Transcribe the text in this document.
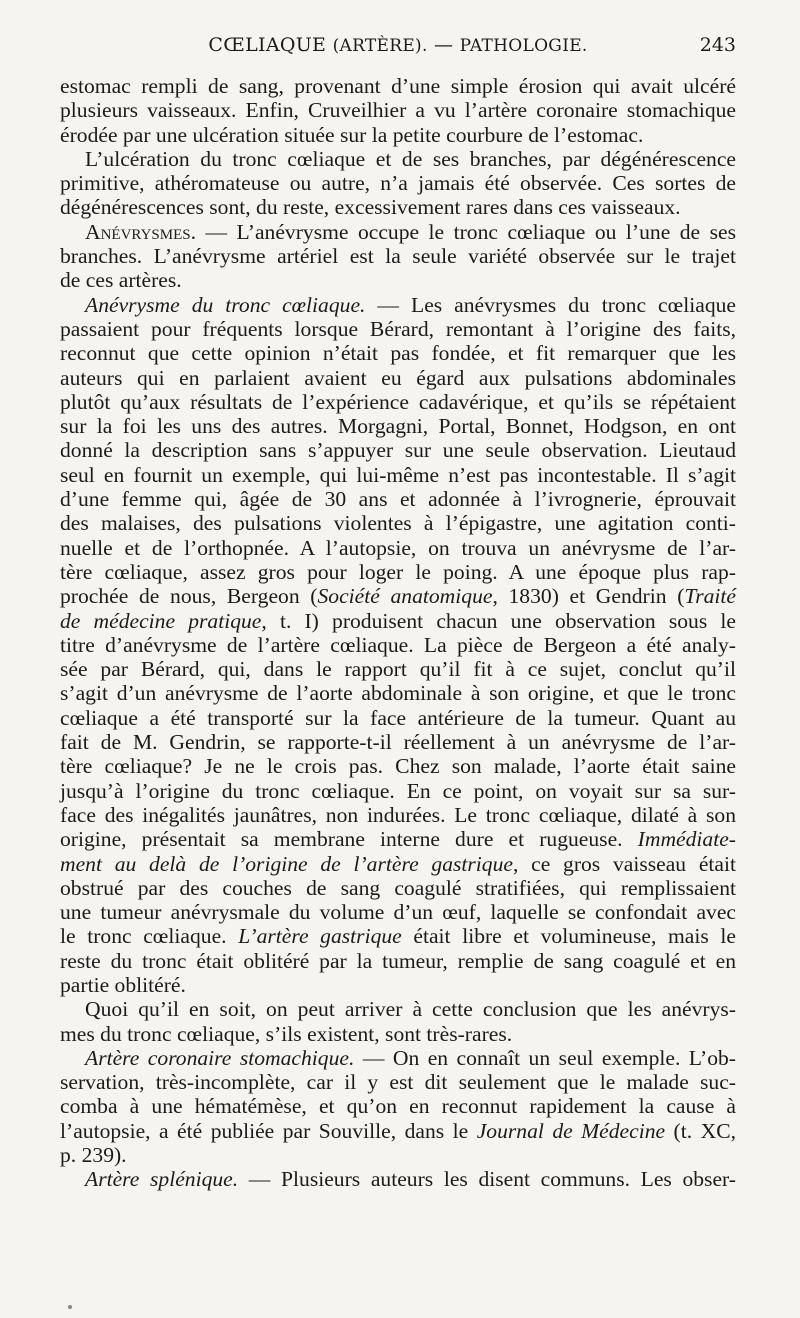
CŒLIAQUE (ARTÈRE). — PATHOLOGIE.	243

estomac rempli de sang, provenant d’une simple érosion qui avait ulcéré

plusieurs vaisseaux. Enfin, Cruveilhier a vu l’artère coronaire stomachique

érodée par une ulcération située sur la petite courbure de l’estomac.

L’ulcération du tronc cœliaque et de ses branches, par dégénérescence

primitive, athéromateuse ou autre, n’a jamais été observée. Ces sortes de

dégénérescences sont, du reste, excessivement rares dans ces vaisseaux.

Anévrysmes. — L’anévrysme occupe le tronc cœliaque ou l’une de ses

branches. L’anévrysme artériel est la seule variété observée sur le trajet

de ces artères.

Anévrysme du tronc cœliaque. — Les anévrysmes du tronc cœliaque

passaient pour fréquents lorsque Bérard, remontant à l’origine des faits,

reconnut que cette opinion n’était pas fondée, et fit remarquer que les

auteurs qui en parlaient avaient eu égard aux pulsations abdominales

plutôt qu’aux résultats de l’expérience cadavérique, et qu’ils se répétaient

sur la foi les uns des autres. Morgagni, Portal, Bonnet, Hodgson, en ont

donné la description sans s’appuyer sur une seule observation. Lieutaud

seul en fournit un exemple, qui lui-même n’est pas incontestable. Il s’agit

d’une femme qui, âgée de 30 ans et adonnée à l’ivrognerie, éprouvait

des malaises, des pulsations violentes à l’épigastre, une agitation conti-

nuelle et de l’orthopnée. A l’autopsie, on trouva un anévrysme de l’ar-

tère cœliaque, assez gros pour loger le poing. A une époque plus rap-

prochée de nous, Bergeon (Société anatomique, 1830) et Gendrin (Traité

de médecine pratique, t. I) produisent chacun une observation sous le

titre d’anévrysme de l’artère cœliaque. La pièce de Bergeon a été analy-

sée par Bérard, qui, dans le rapport qu’il fit à ce sujet, conclut qu’il

s’agit d’un anévrysme de l’aorte abdominale à son origine, et que le tronc

cœliaque a été transporté sur la face antérieure de la tumeur. Quant au

fait de M. Gendrin, se rapporte-t-il réellement à un anévrysme de l’ar-

tère cœliaque? Je ne le crois pas. Chez son malade, l’aorte était saine

jusqu’à l’origine du tronc cœliaque. En ce point, on voyait sur sa sur-

face des inégalités jaunâtres, non indurées. Le tronc cœliaque, dilaté à son

origine, présentait sa membrane interne dure et rugueuse. Immédiate-

ment au delà de l’origine de l’artère gastrique, ce gros vaisseau était

obstrué par des couches de sang coagulé stratifiées, qui remplissaient

une tumeur anévrysmale du volume d’un œuf, laquelle se confondait avec

le tronc cœliaque. L’artère gastrique était libre et volumineuse, mais le

reste du tronc était oblitéré par la tumeur, remplie de sang coagulé et en

partie oblitéré.

Quoi qu’il en soit, on peut arriver à cette conclusion que les anévrys-

mes du tronc cœliaque, s’ils existent, sont très-rares.

Artère coronaire stomachique. — On en connaît un seul exemple. L’ob-

servation, très-incomplète, car il y est dit seulement que le malade suc-

comba à une hématémèse, et qu’on en reconnut rapidement la cause à

l’autopsie, a été publiée par Souville, dans le Journal de Médecine (t. XC,

p. 239).

Artère splénique. — Plusieurs auteurs les disent communs. Les obser-
